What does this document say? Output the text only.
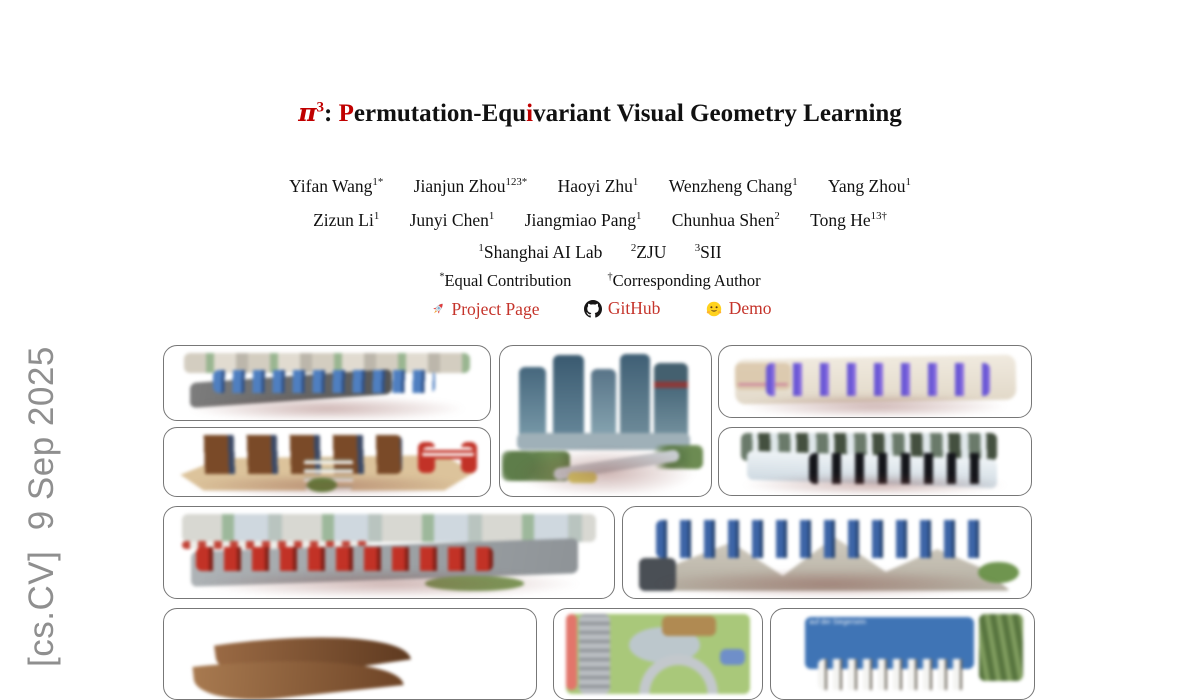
[cs.CV]  9 Sep 2025
$\pi^3$: Permutation-Equivariant Visual Geometry Learning
Yifan Wang$^{1*}$ Jianjun Zhou$^{123*}$ Haoyi Zhu$^1$ Wenzheng Chang$^1$ Yang Zhou$^1$
Zizun Li$^1$ Junyi Chen$^1$ Jiangmiao Pang$^1$ Chunhua Shen$^2$ Tong $He^{13\dagger}$
$^1$Shanghai AI Lab	$^2$ZJU	$^3$SII
*Equal Contribution	†Corresponding Author
Project Page
	GitHub
	Demo
auf der Siegersein
